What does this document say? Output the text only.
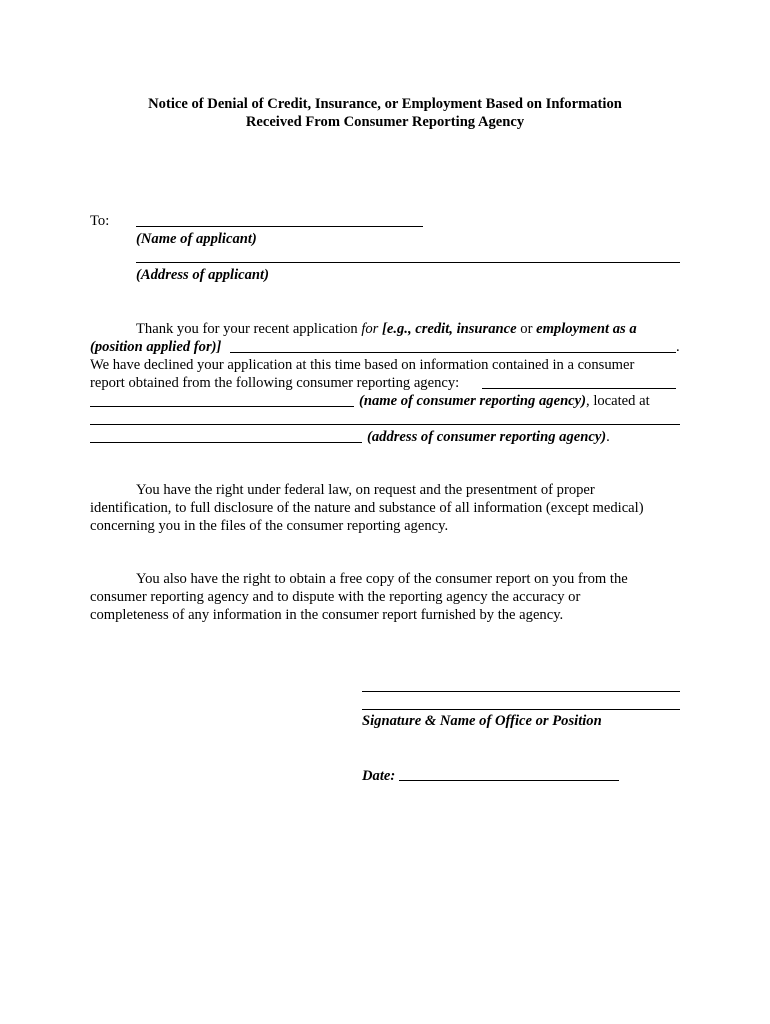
Notice of Denial of Credit, Insurance, or Employment Based on Information
Received From Consumer Reporting Agency
To:
(Name of applicant)
(Address of applicant)
Thank you for your recent application for [e.g., credit, insurance or employment as a
(position applied for)]	.
We have declined your application at this time based on information contained in a consumer
report obtained from the following consumer reporting agency:
(name of consumer reporting agency), located at
(address of consumer reporting agency).
You have the right under federal law, on request and the presentment of proper
identification, to full disclosure of the nature and substance of all information (except medical)
concerning you in the files of the consumer reporting agency.
You also have the right to obtain a free copy of the consumer report on you from the
consumer reporting agency and to dispute with the reporting agency the accuracy or
completeness of any information in the consumer report furnished by the agency.
Signature & Name of Office or Position
Date:
